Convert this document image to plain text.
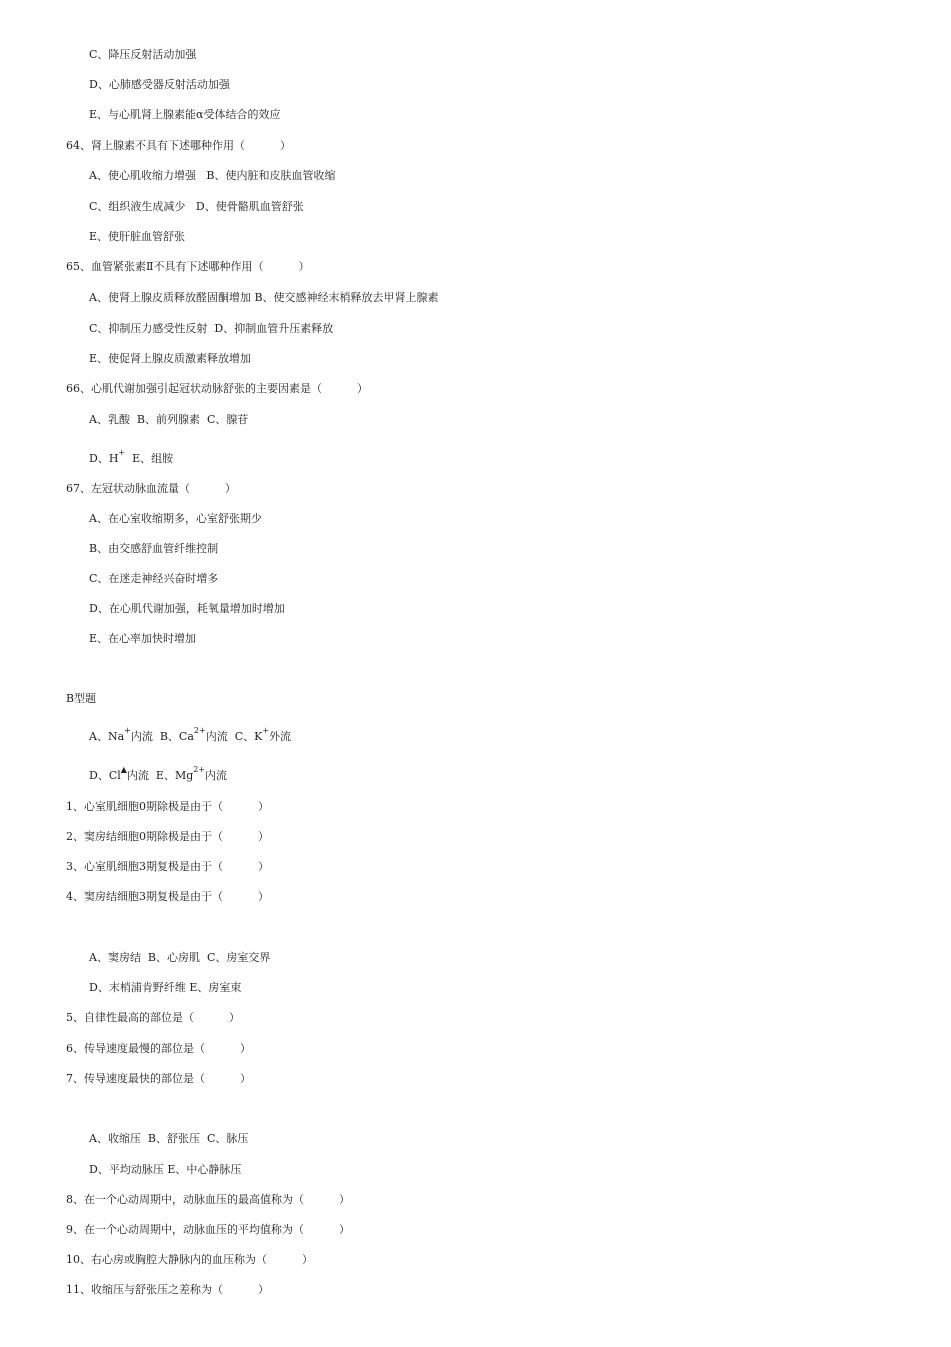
C、降压反射活动加强
D、心肺感受器反射活动加强
E、与心肌肾上腺素能α受体结合的效应
64、肾上腺素不具有下述哪种作用（          ）
A、使心肌收缩力增强   B、使内脏和皮肤血管收缩
C、组织液生成减少   D、使骨骼肌血管舒张
E、使肝脏血管舒张
65、血管紧张素Ⅱ不具有下述哪种作用（          ）
A、使肾上腺皮质释放醛固酮增加 B、使交感神经末梢释放去甲肾上腺素
C、抑制压力感受性反射  D、抑制血管升压素释放
E、使促肾上腺皮质激素释放增加
66、心肌代谢加强引起冠状动脉舒张的主要因素是（          ）
A、乳酸  B、前列腺素  C、腺苷
D、H+  E、组胺
67、左冠状动脉血流量（          ）
A、在心室收缩期多，心室舒张期少
B、由交感舒血管纤维控制
C、在迷走神经兴奋时增多
D、在心肌代谢加强，耗氧量增加时增加
E、在心率加快时增加
B型题
A、Na+内流  B、$Ca^{2+}$内流  C、K+外流
D、Cl▲内流  E、$Mg^{2+}$内流
1、心室肌细胞0期除极是由于（          ）
2、窦房结细胞0期除极是由于（          ）
3、心室肌细胞3期复极是由于（          ）
4、窦房结细胞3期复极是由于（          ）
A、窦房结  B、心房肌  C、房室交界
D、末梢浦肯野纤维 E、房室束
5、自律性最高的部位是（          ）
6、传导速度最慢的部位是（          ）
7、传导速度最快的部位是（          ）
A、收缩压  B、舒张压  C、脉压
D、平均动脉压 E、中心静脉压
8、在一个心动周期中，动脉血压的最高值称为（          ）
9、在一个心动周期中，动脉血压的平均值称为（          ）
10、右心房或胸腔大静脉内的血压称为（          ）
11、收缩压与舒张压之差称为（          ）
